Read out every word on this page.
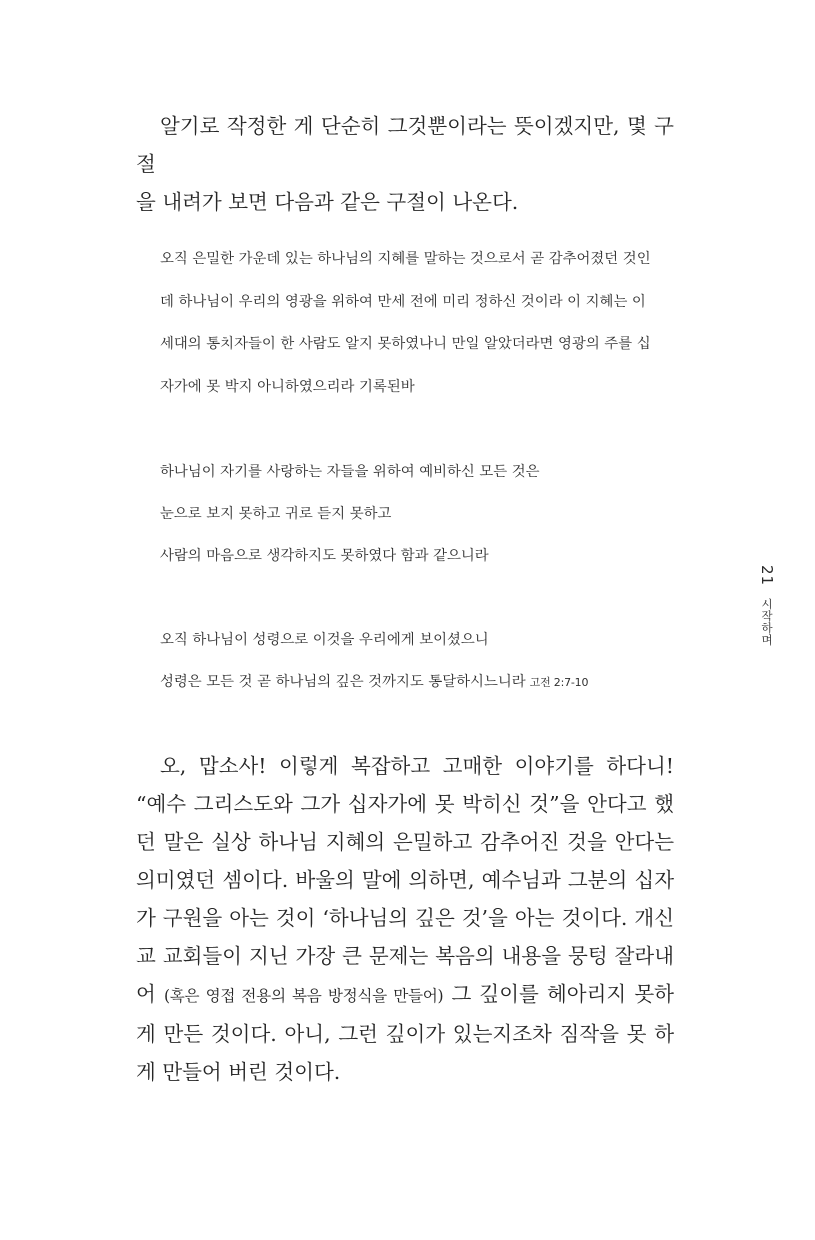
알기로 작정한 게 단순히 그것뿐이라는 뜻이겠지만, 몇 구절

을 내려가 보면 다음과 같은 구절이 나온다.

오직 은밀한 가운데 있는 하나님의 지혜를 말하는 것으로서 곧 감추어졌던 것인
데 하나님이 우리의 영광을 위하여 만세 전에 미리 정하신 것이라 이 지혜는 이
세대의 통치자들이 한 사람도 알지 못하였나니 만일 알았더라면 영광의 주를 십
자가에 못 박지 아니하였으리라 기록된바
하나님이 자기를 사랑하는 자들을 위하여 예비하신 모든 것은
눈으로 보지 못하고 귀로 듣지 못하고
사람의 마음으로 생각하지도 못하였다 함과 같으니라
오직 하나님이 성령으로 이것을 우리에게 보이셨으니
성령은 모든 것 곧 하나님의 깊은 것까지도 통달하시느니라 고전 2:7-10

오, 맙소사! 이렇게 복잡하고 고매한 이야기를 하다니! “예수 그리스도와 그가 십자가에 못 박히신 것”을 안다고 했던 말은 실상 하나님 지혜의 은밀하고 감추어진 것을 안다는 의미였던 셈이다. 바울의 말에 의하면, 예수님과 그분의 십자가 구원을 아는 것이 ‘하나님의 깊은 것’을 아는 것이다. 개신교 교회들이 지닌 가장 큰 문제는 복음의 내용을 뭉텅 잘라내어 (혹은 영접 전용의 복음 방정식을 만들어) 그 깊이를 헤아리지 못하게 만든 것이다. 아니, 그런 깊이가 있는지조차 짐작을 못 하게 만들어 버린 것이다.

21
시작하며
